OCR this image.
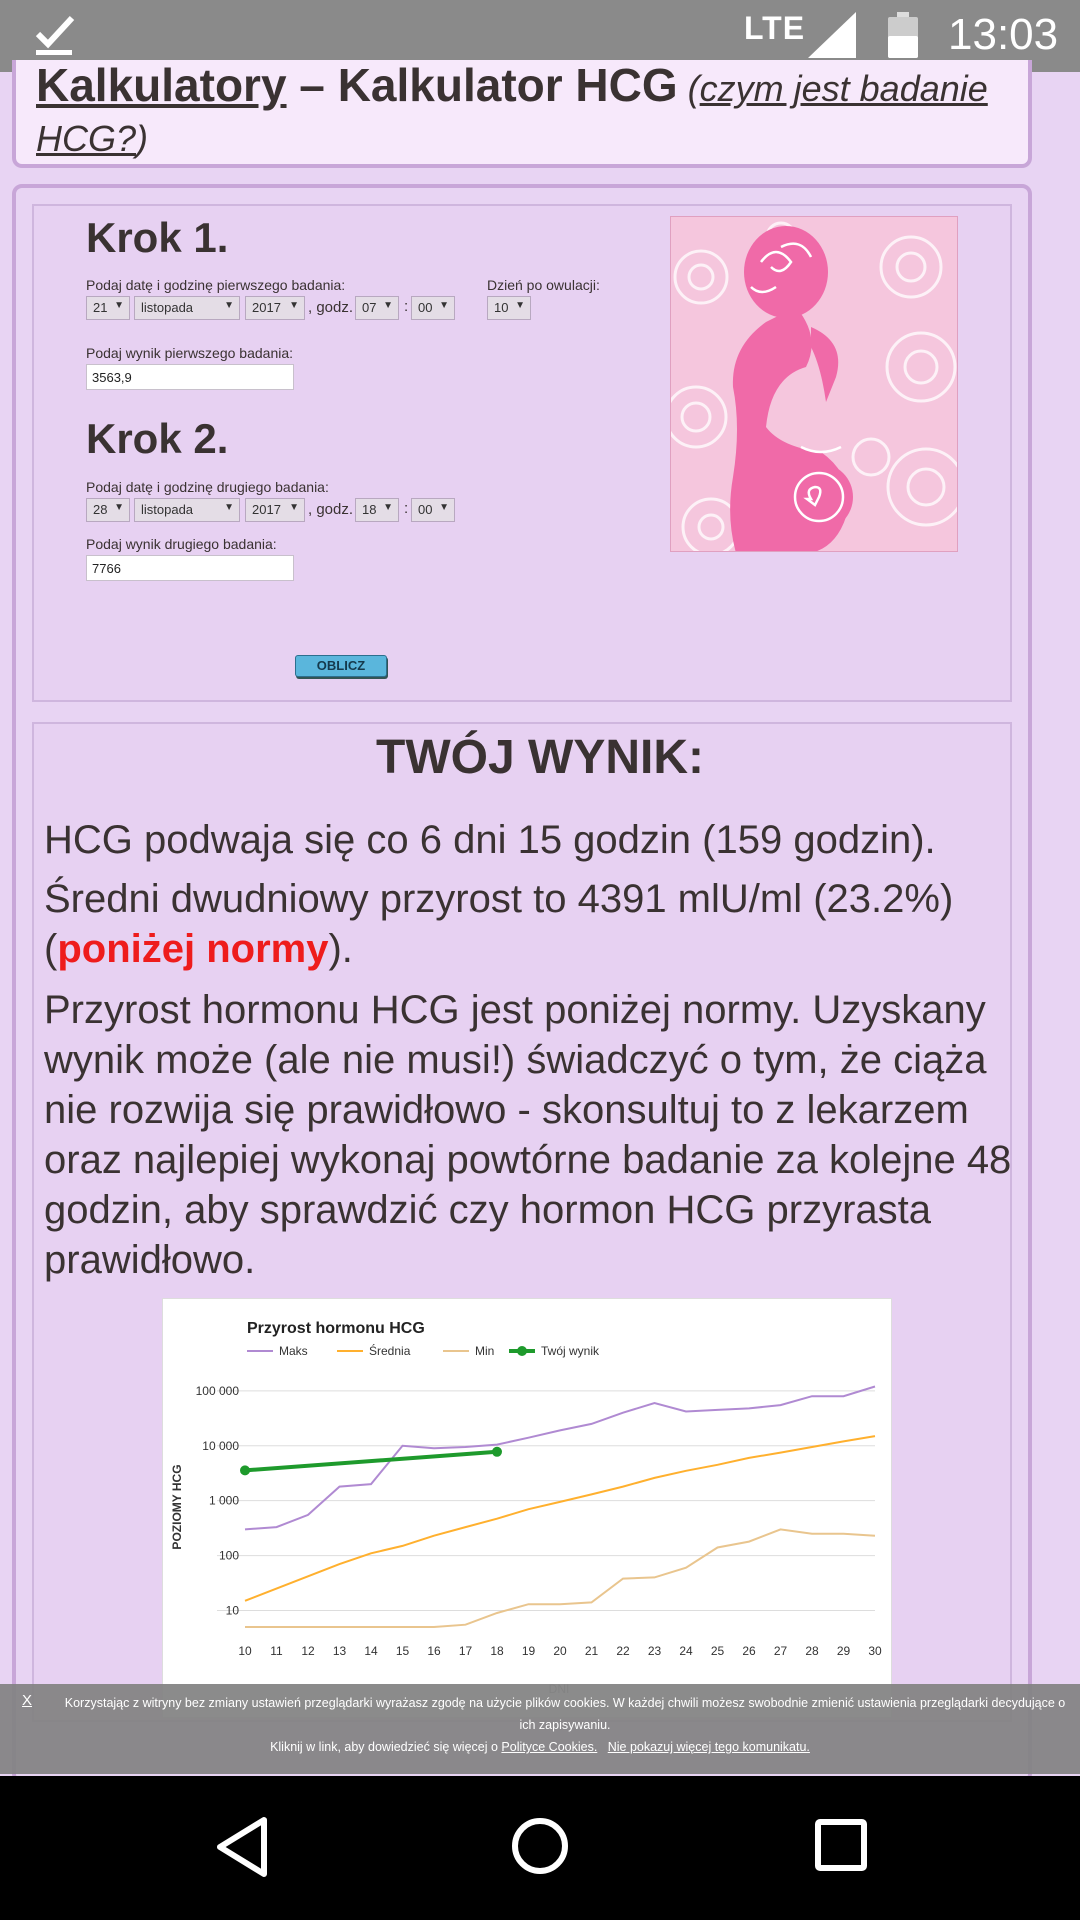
LTE	13:03
Kalkulatory – Kalkulator HCG (czym jest badanie HCG?)
Krok 1.
Podaj datę i godzinę pierwszego badania:
21 ▼	listopada	▼	2017 ▼ , godz. 07 ▼ : 00 ▼
Dzień po owulacji:
10 ▼
Podaj wynik pierwszego badania:
3563,9
Krok 2.
Podaj datę i godzinę drugiego badania:
28 ▼	listopada	▼	2017 ▼ , godz. 18 ▼ : 00 ▼
Podaj wynik drugiego badania:
7766
OBLICZ
TWÓJ WYNIK:
HCG podwaja się co 6 dni 15 godzin (159 godzin).
Średni dwudniowy przyrost to 4391 mlU/ml (23.2%) (poniżej normy).
Przyrost hormonu HCG jest poniżej normy. Uzyskany wynik może (ale nie musi!) świadczyć o tym, że ciąża nie rozwija się prawidłowo - skonsultuj to z lekarzem oraz najlepiej wykonaj powtórne badanie za kolejne 48 godzin, aby sprawdzić czy hormon HCG przyrasta prawidłowo.
Przyrost hormonu HCG
Maks	Średnia	Min	Twój wynik
10
100
1 000
10 000
100 000
10 11 12 13 14 15 16 17 18 19 20 21 22 23 24 25 26 27 28 29 30
POZIOMY HCG
X	Korzystając z witryny bez zmiany ustawień przeglądarki wyrażasz zgodę na użycie plików cookies. W każdej chwili możesz swobodnie zmienić ustawienia przeglądarki decydujące o ich zapisywaniu.
Kliknij w link, aby dowiedzieć się więcej o Polityce Cookies. Nie pokazuj więcej tego komunikatu.
